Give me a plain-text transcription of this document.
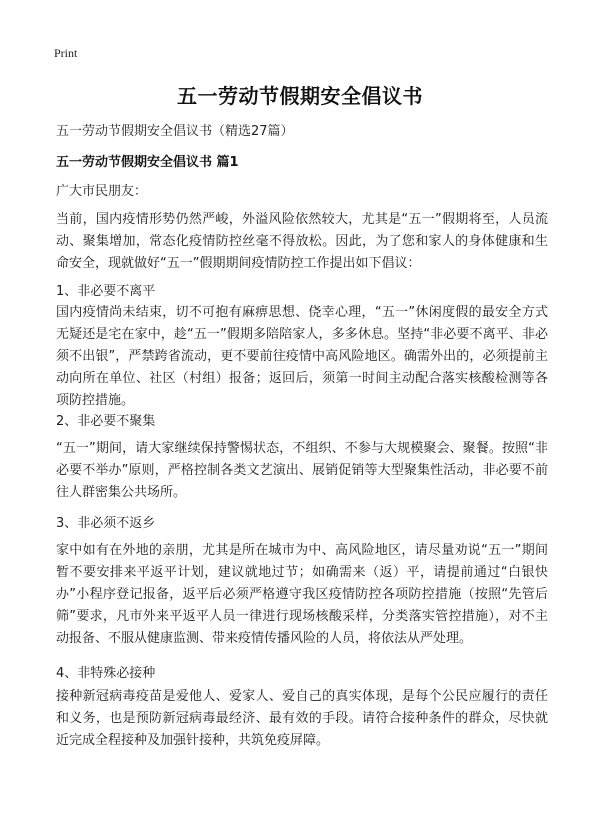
Print
五一劳动节假期安全倡议书
五一劳动节假期安全倡议书（精选27篇）
五一劳动节假期安全倡议书 篇1
广大市民朋友：
当前，国内疫情形势仍然严峻，外溢风险依然较大，尤其是“五一”假期将至，人员流动、聚集增加，常态化疫情防控丝毫不得放松。因此，为了您和家人的身体健康和生命安全，现就做好“五一”假期期间疫情防控工作提出如下倡议：
1、非必要不离平
国内疫情尚未结束，切不可抱有麻痹思想、侥幸心理，“五一”休闲度假的最安全方式无疑还是宅在家中，趁“五一”假期多陪陪家人，多多休息。坚持“非必要不离平、非必须不出银”，严禁跨省流动，更不要前往疫情中高风险地区。确需外出的，必须提前主动向所在单位、社区（村组）报备；返回后，须第一时间主动配合落实核酸检测等各项防控措施。
2、非必要不聚集
“五一”期间，请大家继续保持警惕状态，不组织、不参与大规模聚会、聚餐。按照“非必要不举办”原则，严格控制各类文艺演出、展销促销等大型聚集性活动，非必要不前往人群密集公共场所。
3、非必须不返乡
家中如有在外地的亲朋，尤其是所在城市为中、高风险地区，请尽量劝说“五一”期间暂不要安排来平返平计划，建议就地过节；如确需来（返）平，请提前通过“白银快办”小程序登记报备，返平后必须严格遵守我区疫情防控各项防控措施（按照“先管后筛”要求，凡市外来平返平人员一律进行现场核酸采样，分类落实管控措施），对不主动报备、不服从健康监测、带来疫情传播风险的人员，将依法从严处理。
4、非特殊必接种
接种新冠病毒疫苗是爱他人、爱家人、爱自己的真实体现，是每个公民应履行的责任和义务，也是预防新冠病毒最经济、最有效的手段。请符合接种条件的群众，尽快就近完成全程接种及加强针接种，共筑免疫屏障。
